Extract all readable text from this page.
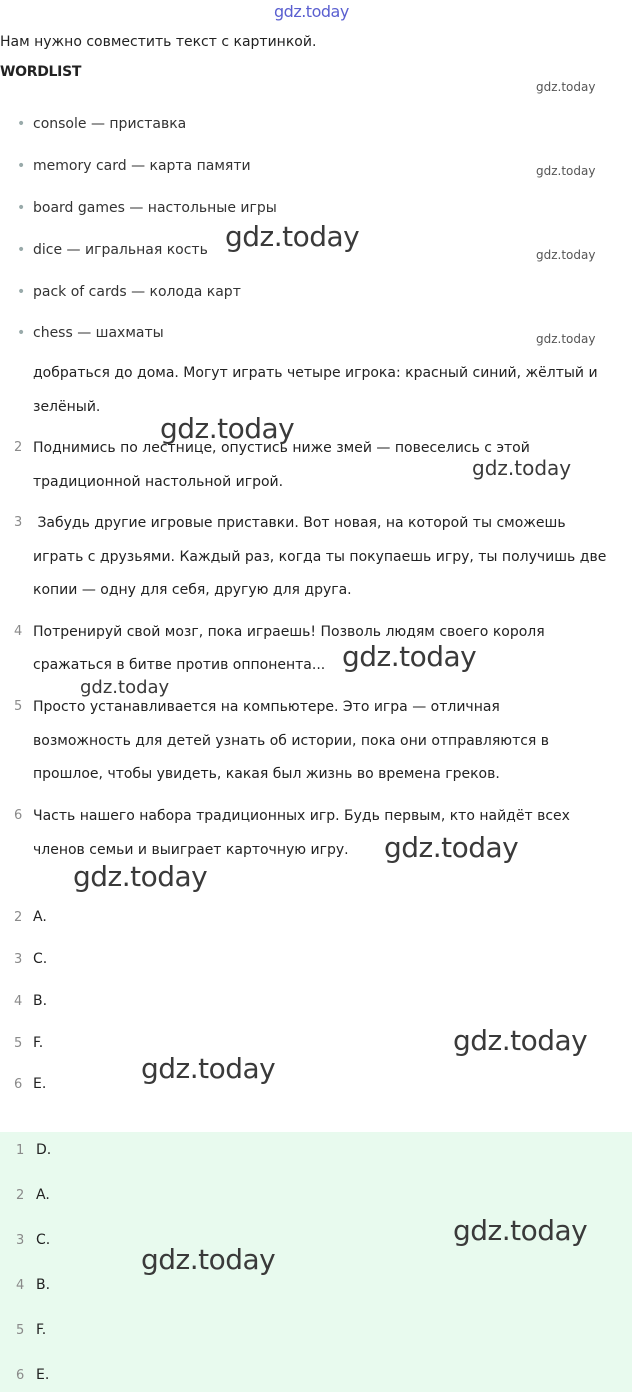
gdz.today
Нам нужно совместить текст с картинкой.
WORDLIST
• console — приставка
• memory card — карта памяти
• board games — настольные игры
• dice — игральная кость
• pack of cards — колода карт
• chess — шахматы
добраться до дома. Могут играть четыре игрока: красный синий, жёлтый и
зелёный.
2 Поднимись по лестнице, опустись ниже змей — повеселись с этой
традиционной настольной игрой.
3 Забудь другие игровые приставки. Вот новая, на которой ты сможешь
играть с друзьями. Каждый раз, когда ты покупаешь игру, ты получишь две
копии — одну для себя, другую для друга.
4 Потренируй свой мозг, пока играешь! Позволь людям своего короля
сражаться в битве против оппонента...
5 Просто устанавливается на компьютере. Это игра — отличная
возможность для детей узнать об истории, пока они отправляются в
прошлое, чтобы увидеть, какая был жизнь во времена греков.
6 Часть нашего набора традиционных игр. Будь первым, кто найдёт всех
членов семьи и выиграет карточную игру.
2 A.
3 C.
4 B.
5 F.
6 E.
1 D.
2 A.
3 C.
4 B.
5 F.
6 E.
gdz.today
gdz.today
gdz.today
gdz.today
gdz.today
gdz.today
gdz.today
gdz.today
gdz.today
gdz.today
gdz.today
gdz.today
gdz.today
gdz.today
gdz.today
